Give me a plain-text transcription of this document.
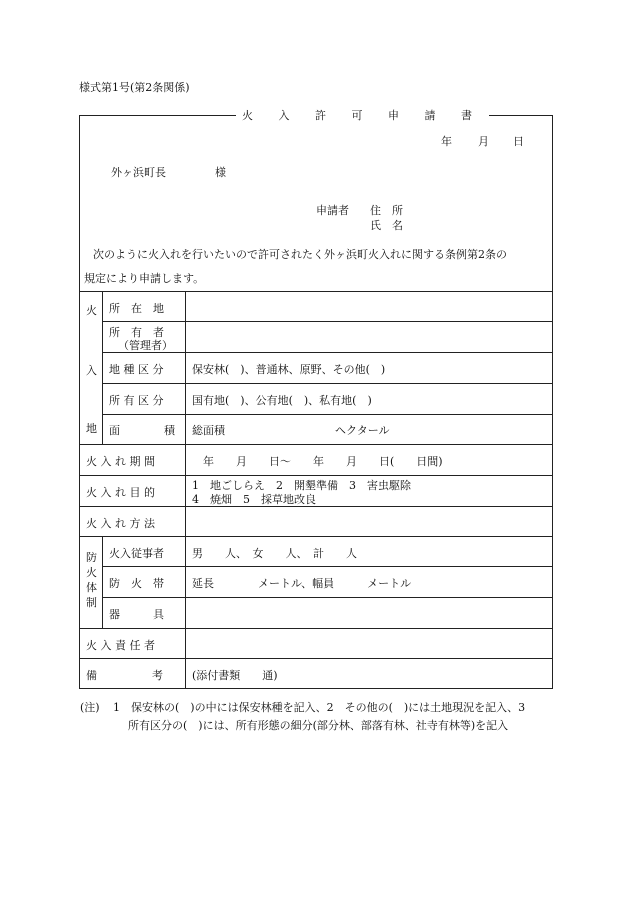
様式第1号(第2条関係)
年 月 日
外ヶ浜町長	様
申請者 住　所
氏　名
次のように火入れを行いたいので許可されたく外ヶ浜町火入れに関する条例第2条の
規定により申請します。
火
入
地
防火体制
所　在　地
所　有　者
（管理者）
地 種 区 分
所 有 区 分
面　　　　積
火 入 れ 期 間
火 入 れ 目 的
火 入 れ 方 法
火入従事者
防　火　帯
器　　　具
火 入 責 任 者
備　　　　　考
保安林(　)、普通林、原野、その他(　)
国有地(　)、公有地(　)、私有地(　)
総面積	ヘクタール
年　　月　　日～　　年　　月　　日(　　日間)
1　地ごしらえ　2　開墾準備　3　害虫駆除
4　焼畑　5　採草地改良
男　　人、　女　　人、　計　　人
延長　　　　メートル、幅員　　　メートル
(添付書類　　通)
火 入 許 可 申 請 書
(注) 1　保安林の(　)の中には保安林種を記入、2　その他の(　)には土地現況を記入、3
所有区分の(　)には、所有形態の細分(部分林、部落有林、社寺有林等)を記入
